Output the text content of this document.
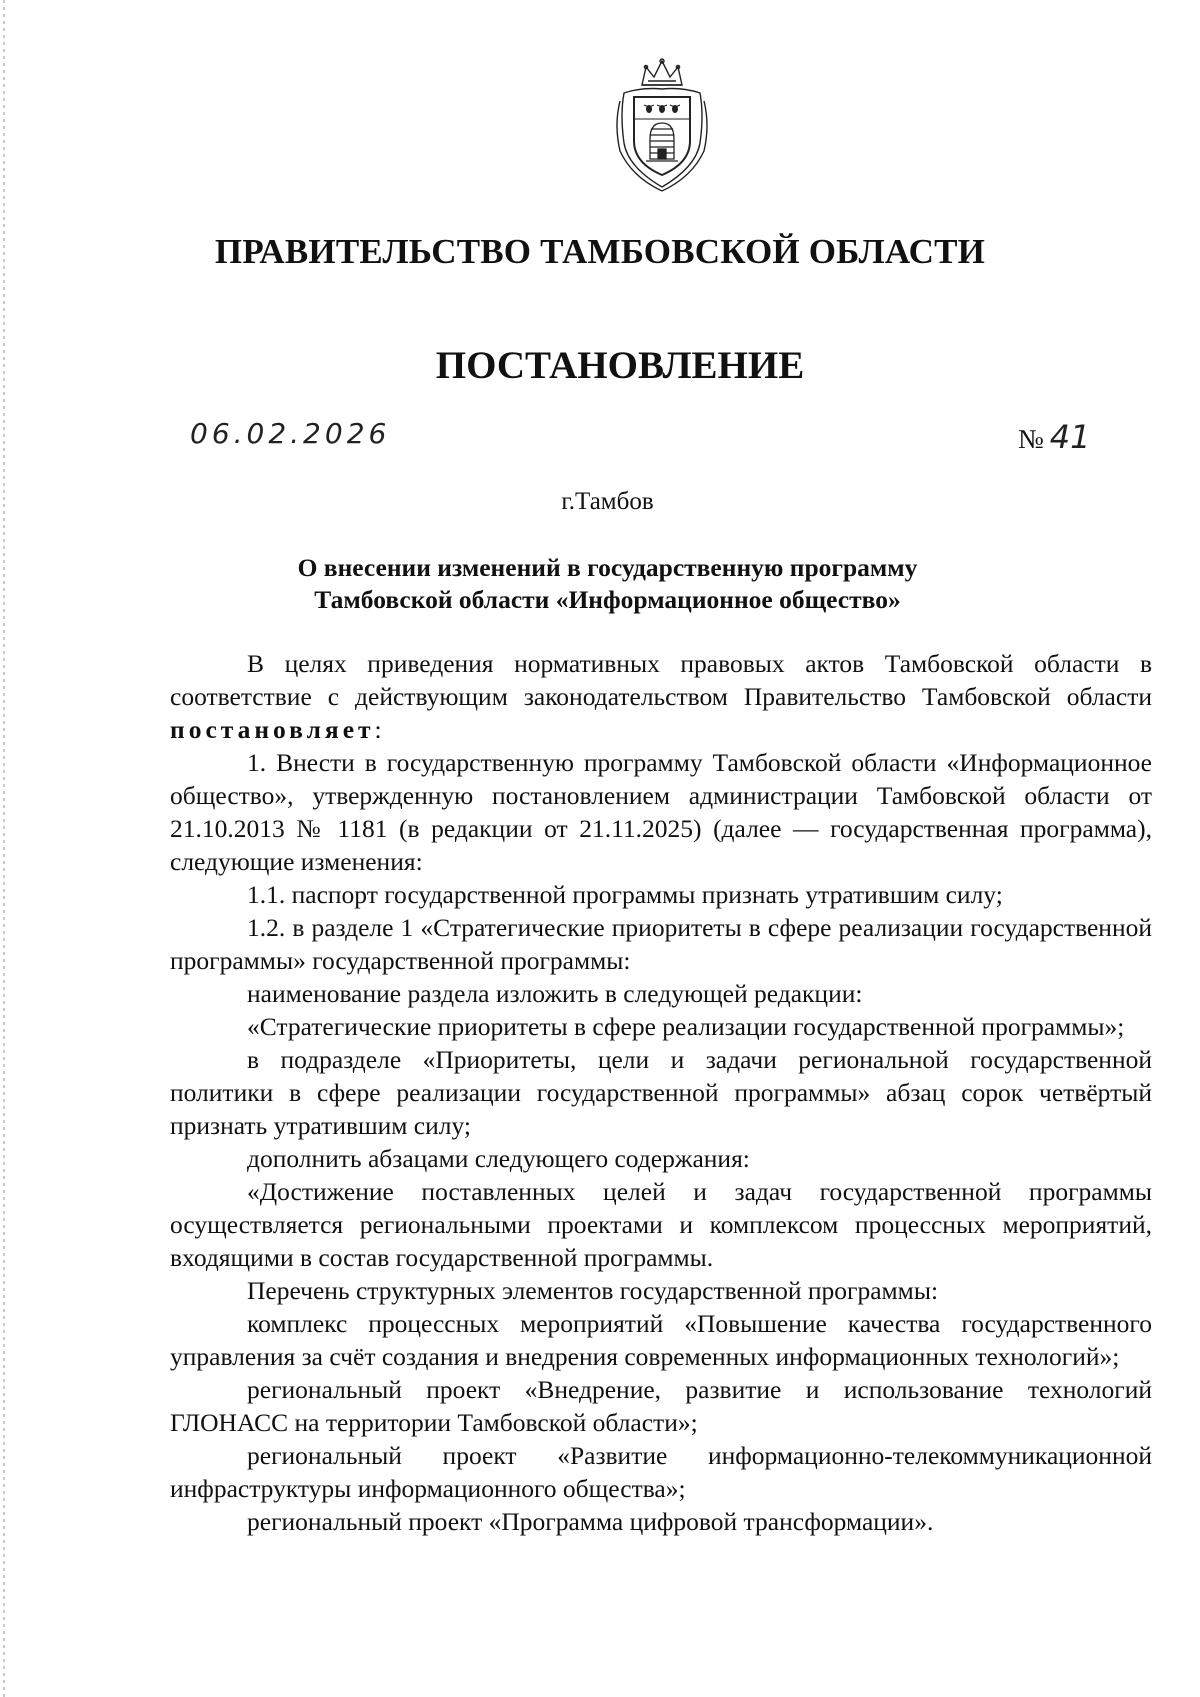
ПРАВИТЕЛЬСТВО ТАМБОВСКОЙ ОБЛАСТИ
ПОСТАНОВЛЕНИЕ
06.02.2026	№ 41
г.Тамбов
О внесении изменений в государственную программу
Тамбовской области «Информационное общество»

В целях приведения нормативных правовых актов Тамбовской области в соответствие с действующим законодательством Правительство Тамбовской области постановляет:

1. Внести в государственную программу Тамбовской области «Информационное общество», утвержденную постановлением администрации Тамбовской области от 21.10.2013 № 1181 (в редакции от 21.11.2025) (далее — государственная программа), следующие изменения:

1.1. паспорт государственной программы признать утратившим силу;

1.2. в разделе 1 «Стратегические приоритеты в сфере реализации государственной программы» государственной программы:

наименование раздела изложить в следующей редакции:

«Стратегические приоритеты в сфере реализации государственной программы»;

в подразделе «Приоритеты, цели и задачи региональной государственной политики в сфере реализации государственной программы» абзац сорок четвёртый признать утратившим силу;

дополнить абзацами следующего содержания:

«Достижение поставленных целей и задач государственной программы осуществляется региональными проектами и комплексом процессных мероприятий, входящими в состав государственной программы.

Перечень структурных элементов государственной программы:

комплекс процессных мероприятий «Повышение качества государственного управления за счёт создания и внедрения современных информационных технологий»;

региональный проект «Внедрение, развитие и использование технологий ГЛОНАСС на территории Тамбовской области»;

региональный проект «Развитие информационно-телекоммуникационной инфраструктуры информационного общества»;

региональный проект «Программа цифровой трансформации».
